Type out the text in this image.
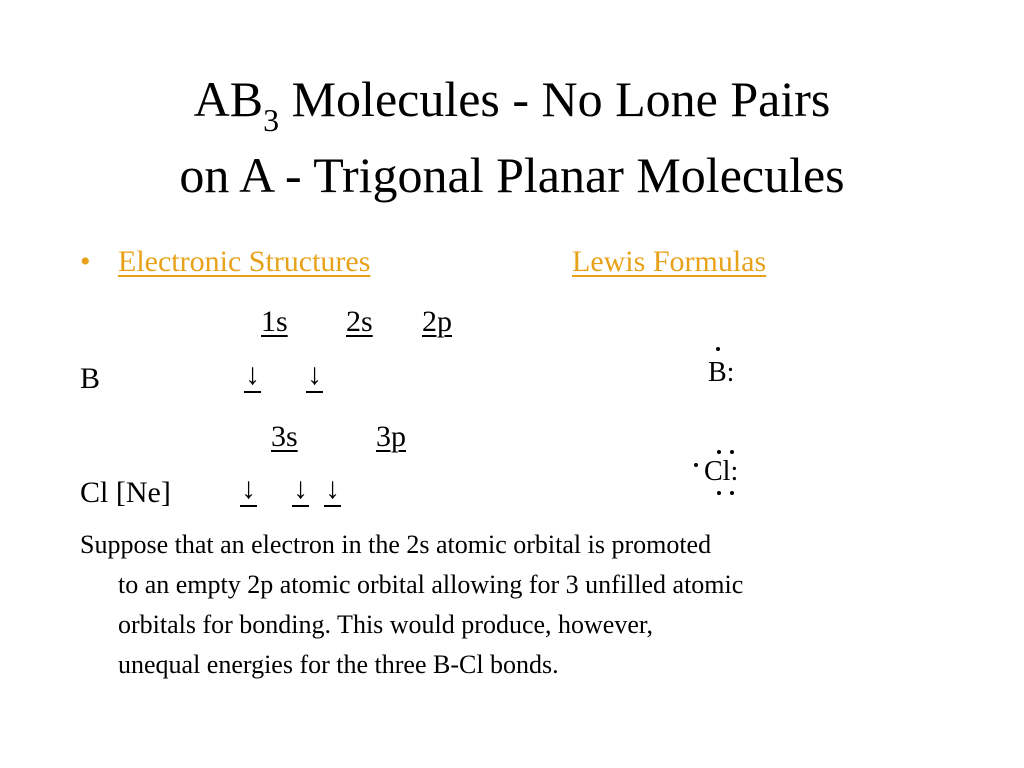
$AB_3$ Molecules - No Lone Pairs
on A - Trigonal Planar Molecules
• Electronic Structures	Lewis Formulas
1s 2s 2p
B	↓ ↓	B:
3s	3p
Cl [Ne] ↓ ↓ ↓
Cl:
Suppose that an electron in the 2s atomic orbital is promoted
to an empty 2p atomic orbital allowing for 3 unfilled atomic
orbitals for bonding. This would produce, however,
unequal energies for the three B-Cl bonds.
